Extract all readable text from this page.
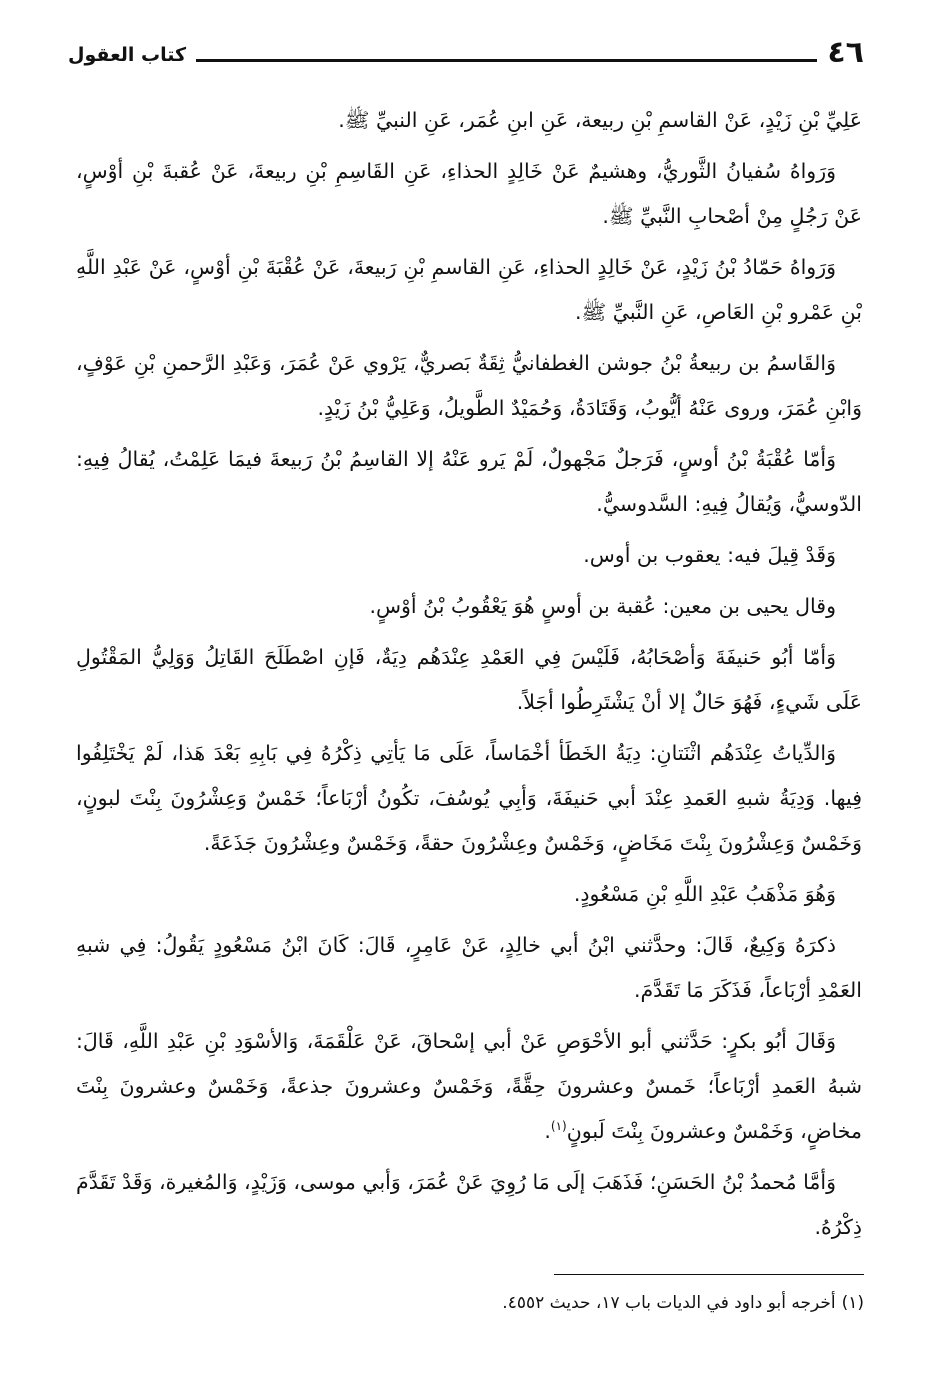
٤٦
كتاب العقول

عَلِيِّ بْنِ زَيْدٍ، عَنْ القاسمِ بْنِ ربيعة، عَنِ ابنِ عُمَر، عَنِ النبيِّ ﷺ.

وَرَواهُ سُفيانُ الثَّوريُّ، وهشيمٌ عَنْ خَالِدٍ الحذاءِ، عَنِ القَاسِمِ بْنِ ربيعةَ، عَنْ عُقبةَ بْنِ أوْسٍ، عَنْ رَجُلٍ مِنْ أصْحابِ النَّبيِّ ﷺ.

وَرَواهُ حَمّادُ بْنُ زَيْدٍ، عَنْ خَالِدٍ الحذاءِ، عَنِ القاسمِ بْنِ رَبيعةَ، عَنْ عُقْبَةَ بْنِ أوْسٍ، عَنْ عَبْدِ اللَّهِ بْنِ عَمْرو بْنِ العَاصِ، عَنِ النَّبيِّ ﷺ.

وَالقَاسمُ بن ربيعةُ بْنُ جوشن الغطفانيُّ ثِقَةٌ بَصريٌّ، يَرْوي عَنْ عُمَرَ، وَعَبْدِ الرَّحمنِ بْنِ عَوْفٍ، وَابْنِ عُمَرَ، وروى عَنْهُ أيُّوبُ، وَقَتَادَةُ، وَحُمَيْدٌ الطَّويلُ، وَعَلِيُّ بْنُ زَيْدٍ.

وَأمّا عُقْبَةُ بْنُ أوسٍ، فَرَجلٌ مَجْهولٌ، لَمْ يَرو عَنْهُ إلا القاسِمُ بْنُ رَبيعةَ فيمَا عَلِمْتُ، يُقالُ فِيهِ: الدّوسيُّ، وَيُقالُ فِيهِ: السَّدوسيُّ.

وَقَدْ قِيلَ فيه: يعقوب بن أوس.

وقال يحيى بن معين: عُقبة بن أوسٍ هُوَ يَعْقُوبُ بْنُ أوْسٍ.

وَأمّا أبُو حَنيفَةَ وَأصْحَابُهُ، فَلَيْسَ فِي العَمْدِ عِنْدَهُم دِيَةٌ، فَإنِ اصْطَلَحَ القَاتِلُ وَوَلِيُّ المَقْتُولِ عَلَى شَيءٍ، فَهُوَ حَالٌ إلا أنْ يَشْتَرِطُوا أجَلاً.

وَالدِّياتُ عِنْدَهُم اثْنَتانِ: دِيَةُ الخَطَأ أخْمَاساً، عَلَى مَا يَأتِي ذِكْرُهُ فِي بَابِهِ بَعْدَ هَذا، لَمْ يَخْتَلِفُوا فِيها. وَدِيَةُ شبهِ العَمدِ عِنْدَ أبي حَنيفَةَ، وَأبِي يُوسُفَ، تكُونُ أرْبَاعاً؛ خَمْسٌ وَعِشْرُونَ بِنْتَ لبونٍ، وَخَمْسٌ وَعِشْرُونَ بِنْتَ مَخَاضٍ، وَخَمْسٌ وعِشْرُونَ حقةً، وَخَمْسٌ وعِشْرُونَ جَذَعَةً.

وَهُوَ مَذْهَبُ عَبْدِ اللَّهِ بْنِ مَسْعُودٍ.

ذكرَهُ وَكِيعٌ، قَالَ: وحدَّثني ابْنُ أبي خالِدٍ، عَنْ عَامِرٍ، قَالَ: كَانَ ابْنُ مَسْعُودٍ يَقُولُ: فِي شبهِ العَمْدِ أرْبَاعاً، فَذَكَرَ مَا تَقَدَّمَ.

وَقَالَ أبُو بكرٍ: حَدَّثني أبو الأحْوَصِ عَنْ أبي إسْحاقَ، عَنْ عَلْقَمَةَ، وَالأسْوَدِ بْنِ عَبْدِ اللَّهِ، قَالَ: شبهُ العَمدِ أرْبَاعاً؛ خَمسٌ وعشرونَ حِقَّةً، وَخَمْسٌ وعشرونَ جذعةً، وَخَمْسٌ وعشرونَ بِنْتَ مخاضٍ، وَخَمْسٌ وعشرونَ بِنْتَ لَبونٍ$^{(١)}$.

وَأمَّا مُحمدُ بْنُ الحَسَنِ؛ فَذَهَبَ إلَى مَا رُوِيَ عَنْ عُمَرَ، وَأبي موسى، وَزَيْدٍ، وَالمُغيرة، وَقَدْ تَقَدَّمَ ذِكْرُهُ.

(١)
أخرجه أبو داود في الديات باب ١٧، حديث ٤٥٥٢.
